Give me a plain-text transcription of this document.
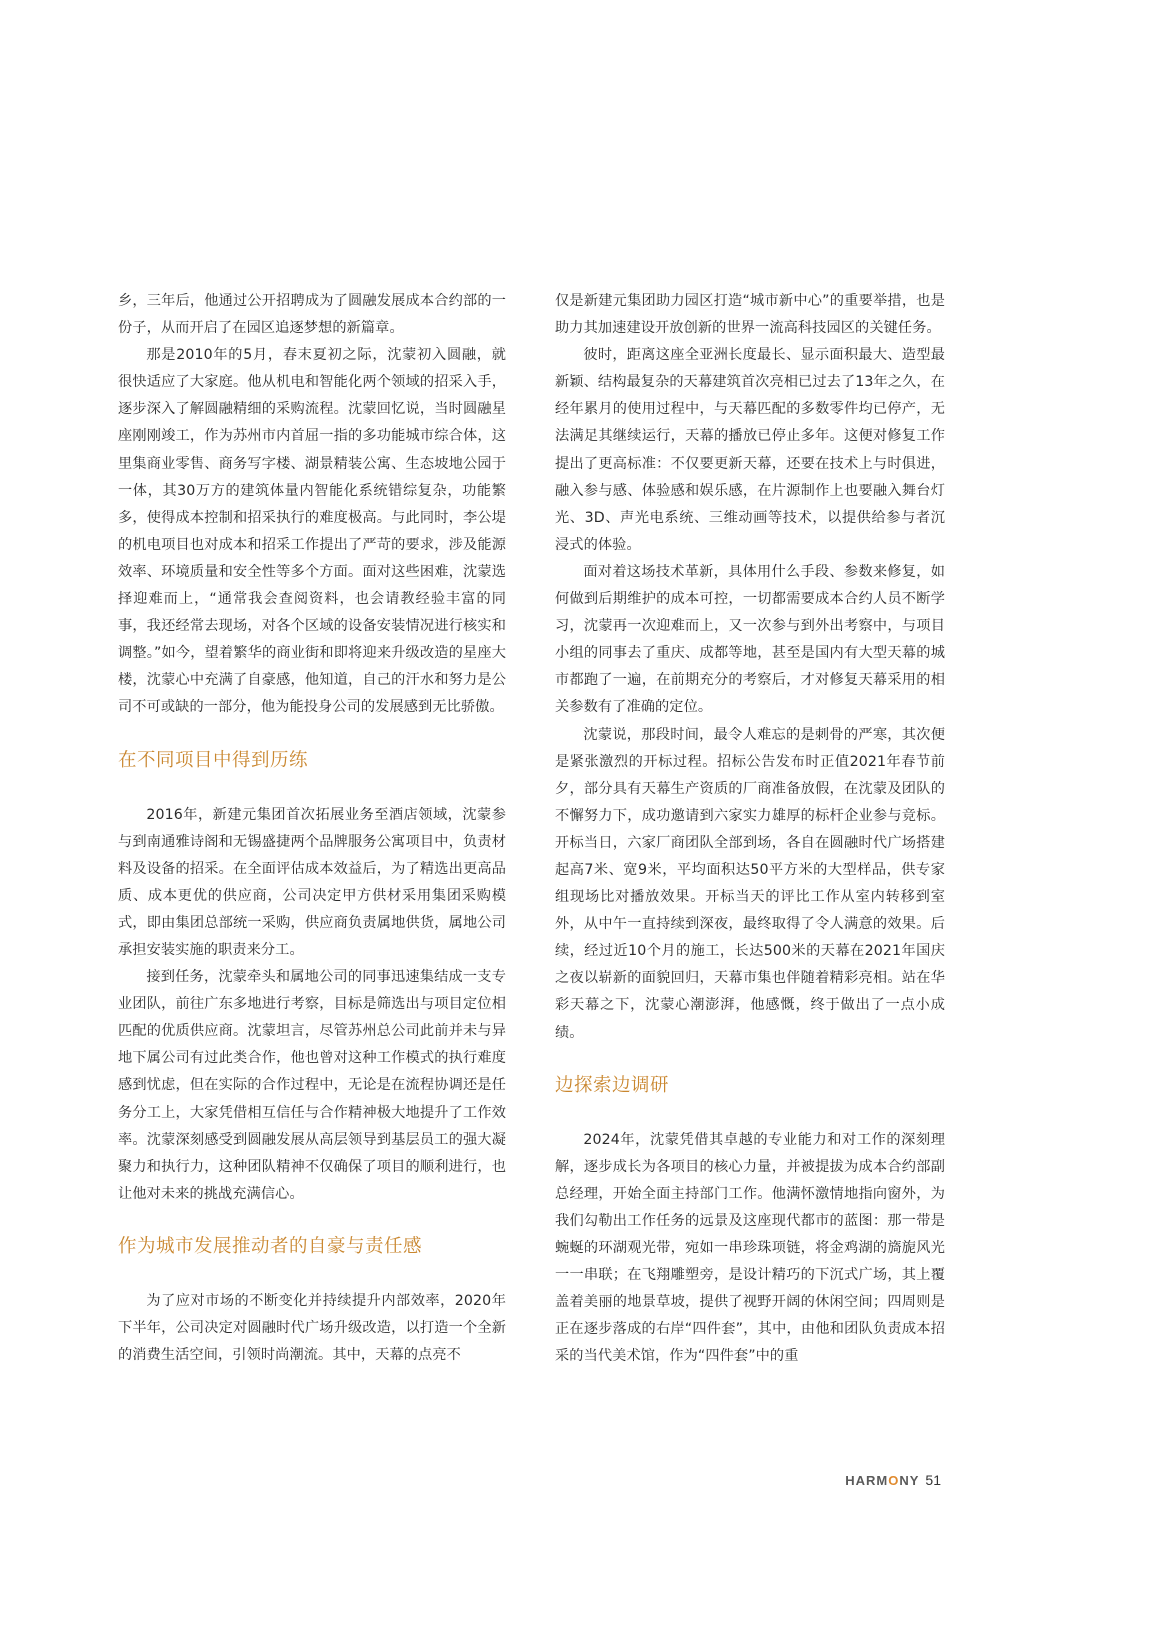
乡，三年后，他通过公开招聘成为了圆融发展成本合约部的一份子，从而开启了在园区追逐梦想的新篇章。

那是2010年的5月，春末夏初之际，沈蒙初入圆融，就很快适应了大家庭。他从机电和智能化两个领域的招采入手，逐步深入了解圆融精细的采购流程。沈蒙回忆说，当时圆融星座刚刚竣工，作为苏州市内首屈一指的多功能城市综合体，这里集商业零售、商务写字楼、湖景精装公寓、生态坡地公园于一体，其30万方的建筑体量内智能化系统错综复杂，功能繁多，使得成本控制和招采执行的难度极高。与此同时，李公堤的机电项目也对成本和招采工作提出了严苛的要求，涉及能源效率、环境质量和安全性等多个方面。面对这些困难，沈蒙选择迎难而上，“通常我会查阅资料，也会请教经验丰富的同事，我还经常去现场，对各个区域的设备安装情况进行核实和调整。”如今，望着繁华的商业街和即将迎来升级改造的星座大楼，沈蒙心中充满了自豪感，他知道，自己的汗水和努力是公司不可或缺的一部分，他为能投身公司的发展感到无比骄傲。

在不同项目中得到历练

2016年，新建元集团首次拓展业务至酒店领域，沈蒙参与到南通雅诗阁和无锡盛捷两个品牌服务公寓项目中，负责材料及设备的招采。在全面评估成本效益后，为了精选出更高品质、成本更优的供应商，公司决定甲方供材采用集团采购模式，即由集团总部统一采购，供应商负责属地供货，属地公司承担安装实施的职责来分工。

接到任务，沈蒙牵头和属地公司的同事迅速集结成一支专业团队，前往广东多地进行考察，目标是筛选出与项目定位相匹配的优质供应商。沈蒙坦言，尽管苏州总公司此前并未与异地下属公司有过此类合作，他也曾对这种工作模式的执行难度感到忧虑，但在实际的合作过程中，无论是在流程协调还是任务分工上，大家凭借相互信任与合作精神极大地提升了工作效率。沈蒙深刻感受到圆融发展从高层领导到基层员工的强大凝聚力和执行力，这种团队精神不仅确保了项目的顺利进行，也让他对未来的挑战充满信心。

作为城市发展推动者的自豪与责任感

为了应对市场的不断变化并持续提升内部效率，2020年下半年，公司决定对圆融时代广场升级改造，以打造一个全新的消费生活空间，引领时尚潮流。其中，天幕的点亮不

仅是新建元集团助力园区打造“城市新中心”的重要举措，也是助力其加速建设开放创新的世界一流高科技园区的关键任务。

彼时，距离这座全亚洲长度最长、显示面积最大、造型最新颖、结构最复杂的天幕建筑首次亮相已过去了13年之久，在经年累月的使用过程中，与天幕匹配的多数零件均已停产，无法满足其继续运行，天幕的播放已停止多年。这便对修复工作提出了更高标准：不仅要更新天幕，还要在技术上与时俱进，融入参与感、体验感和娱乐感，在片源制作上也要融入舞台灯光、3D、声光电系统、三维动画等技术，以提供给参与者沉浸式的体验。

面对着这场技术革新，具体用什么手段、参数来修复，如何做到后期维护的成本可控，一切都需要成本合约人员不断学习，沈蒙再一次迎难而上，又一次参与到外出考察中，与项目小组的同事去了重庆、成都等地，甚至是国内有大型天幕的城市都跑了一遍，在前期充分的考察后，才对修复天幕采用的相关参数有了准确的定位。

沈蒙说，那段时间，最令人难忘的是刺骨的严寒，其次便是紧张激烈的开标过程。招标公告发布时正值2021年春节前夕，部分具有天幕生产资质的厂商准备放假，在沈蒙及团队的不懈努力下，成功邀请到六家实力雄厚的标杆企业参与竞标。开标当日，六家厂商团队全部到场，各自在圆融时代广场搭建起高7米、宽9米，平均面积达50平方米的大型样品，供专家组现场比对播放效果。开标当天的评比工作从室内转移到室外，从中午一直持续到深夜，最终取得了令人满意的效果。后续，经过近10个月的施工，长达500米的天幕在2021年国庆之夜以崭新的面貌回归，天幕市集也伴随着精彩亮相。站在华彩天幕之下，沈蒙心潮澎湃，他感慨，终于做出了一点小成绩。

边探索边调研

2024年，沈蒙凭借其卓越的专业能力和对工作的深刻理解，逐步成长为各项目的核心力量，并被提拔为成本合约部副总经理，开始全面主持部门工作。他满怀激情地指向窗外，为我们勾勒出工作任务的远景及这座现代都市的蓝图：那一带是蜿蜒的环湖观光带，宛如一串珍珠项链，将金鸡湖的旖旎风光一一串联；在飞翔雕塑旁，是设计精巧的下沉式广场，其上覆盖着美丽的地景草坡，提供了视野开阔的休闲空间；四周则是正在逐步落成的右岸“四件套”，其中，由他和团队负责成本招采的当代美术馆，作为“四件套”中的重

HARMONY 51
